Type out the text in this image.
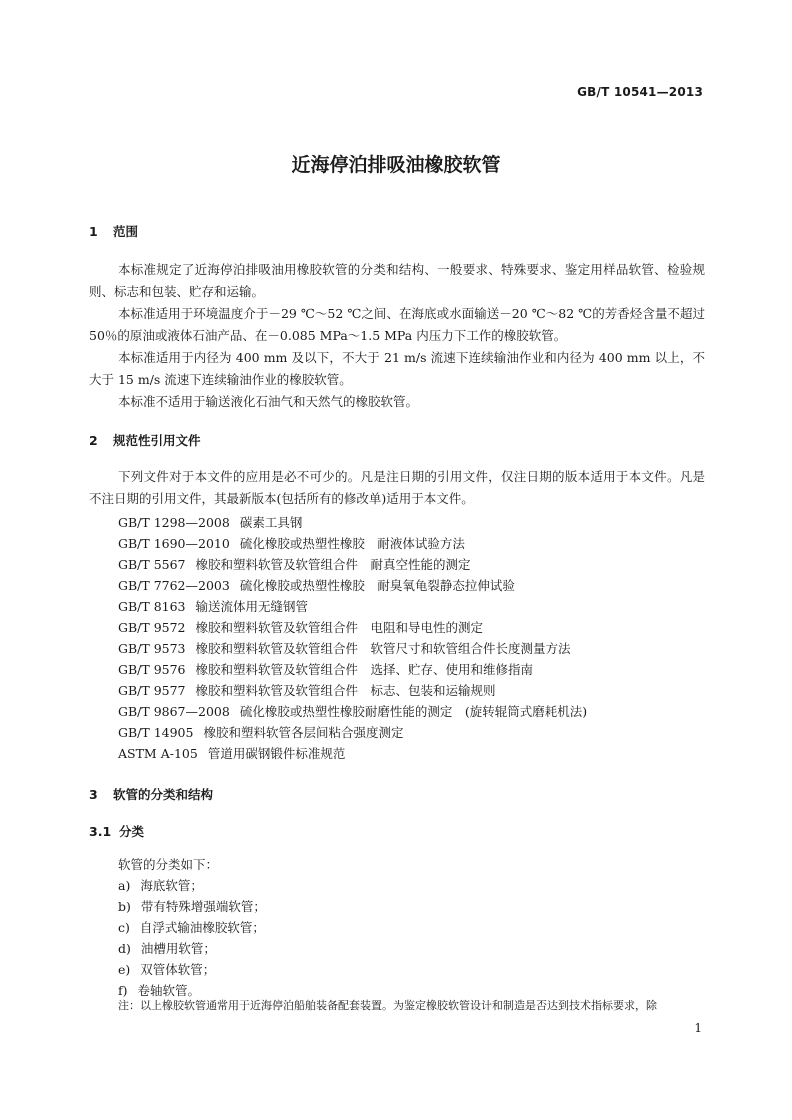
GB/T 10541—2013
近海停泊排吸油橡胶软管
1 范围

本标准规定了近海停泊排吸油用橡胶软管的分类和结构、一般要求、特殊要求、鉴定用样品软管、检验规则、标志和包装、贮存和运输。

本标准适用于环境温度介于－29 ℃～52 ℃之间、在海底或水面输送－20 ℃～82 ℃的芳香烃含量不超过 50％的原油或液体石油产品、在－0.085 MPa～1.5 MPa 内压力下工作的橡胶软管。

本标准适用于内径为 400 mm 及以下，不大于 21 m/s 流速下连续输油作业和内径为 400 mm 以上，不大于 15 m/s 流速下连续输油作业的橡胶软管。

本标准不适用于输送液化石油气和天然气的橡胶软管。

2 规范性引用文件

下列文件对于本文件的应用是必不可少的。凡是注日期的引用文件，仅注日期的版本适用于本文件。凡是不注日期的引用文件，其最新版本(包括所有的修改单)适用于本文件。

GB/T 1298—2008 碳素工具钢
GB/T 1690—2010 硫化橡胶或热塑性橡胶　耐液体试验方法
GB/T 5567 橡胶和塑料软管及软管组合件　耐真空性能的测定
GB/T 7762—2003 硫化橡胶或热塑性橡胶　耐臭氧龟裂静态拉伸试验
GB/T 8163 输送流体用无缝钢管
GB/T 9572 橡胶和塑料软管及软管组合件　电阻和导电性的测定
GB/T 9573 橡胶和塑料软管及软管组合件　软管尺寸和软管组合件长度测量方法
GB/T 9576 橡胶和塑料软管及软管组合件　选择、贮存、使用和维修指南
GB/T 9577 橡胶和塑料软管及软管组合件　标志、包装和运输规则
GB/T 9867—2008 硫化橡胶或热塑性橡胶耐磨性能的测定　(旋转辊筒式磨耗机法)
GB/T 14905 橡胶和塑料软管各层间粘合强度测定
ASTM A-105 管道用碳钢锻件标准规范
3 软管的分类和结构
3.1 分类
软管的分类如下：
a) 海底软管；
b) 带有特殊增强端软管；
c) 自浮式输油橡胶软管；
d) 油槽用软管；
e) 双管体软管；
f) 卷轴软管。
注：以上橡胶软管通常用于近海停泊船舶装备配套装置。为鉴定橡胶软管设计和制造是否达到技术指标要求，除
1
